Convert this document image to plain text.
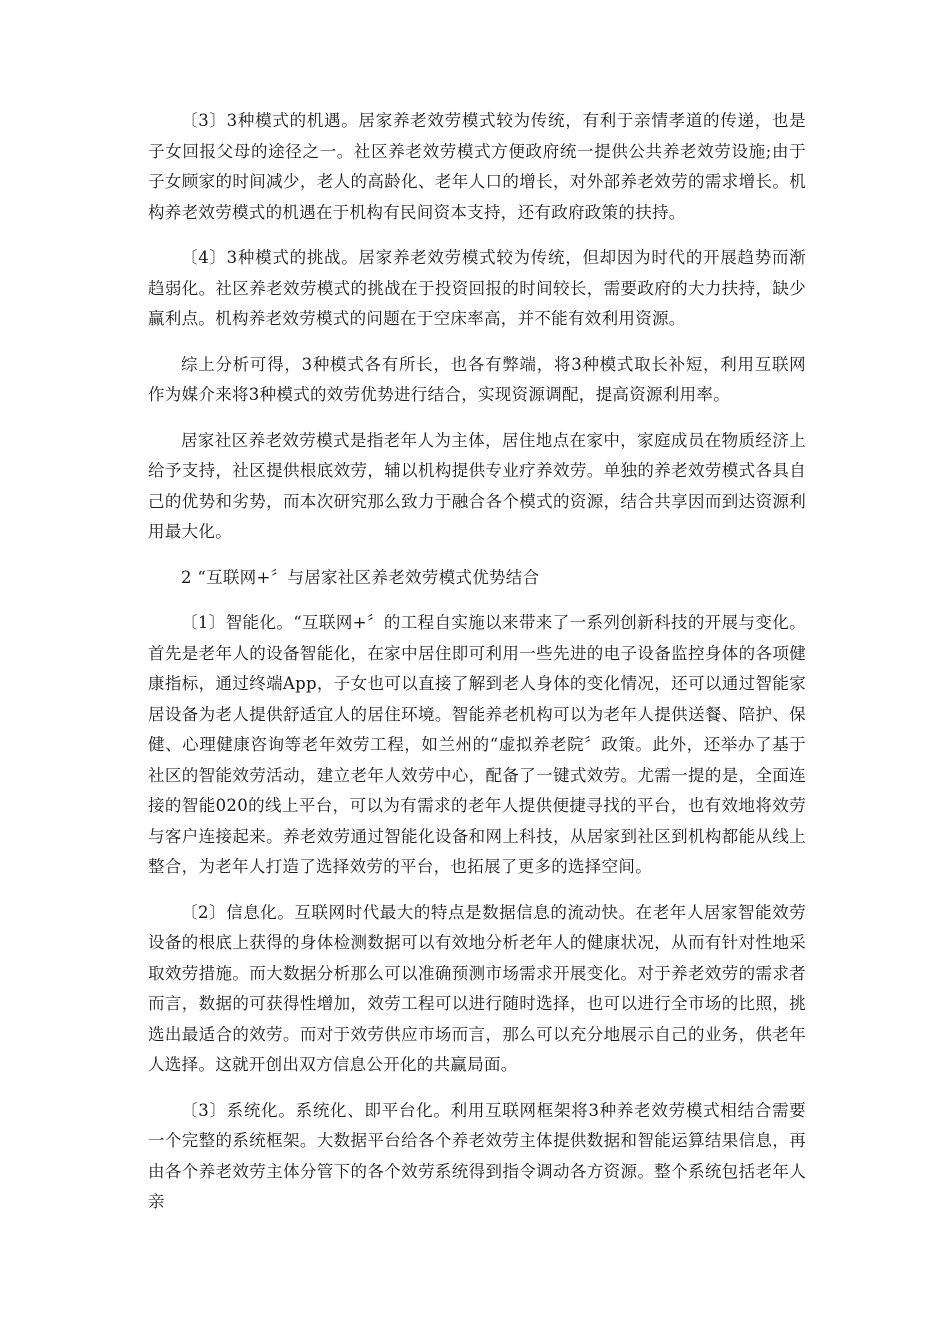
〔3〕3种模式的机遇。居家养老效劳模式较为传统，有利于亲情孝道的传递，也是子女回报父母的途径之一。社区养老效劳模式方便政府统一提供公共养老效劳设施;由于子女顾家的时间减少，老人的高龄化、老年人口的增长，对外部养老效劳的需求增长。机构养老效劳模式的机遇在于机构有民间资本支持，还有政府政策的扶持。

〔4〕3种模式的挑战。居家养老效劳模式较为传统，但却因为时代的开展趋势而渐趋弱化。社区养老效劳模式的挑战在于投资回报的时间较长，需要政府的大力扶持，缺少赢利点。机构养老效劳模式的问题在于空床率高，并不能有效利用资源。

综上分析可得，3种模式各有所长，也各有弊端，将3种模式取长补短，利用互联网作为媒介来将3种模式的效劳优势进行结合，实现资源调配，提高资源利用率。

居家社区养老效劳模式是指老年人为主体，居住地点在家中，家庭成员在物质经济上给予支持，社区提供根底效劳，辅以机构提供专业疗养效劳。单独的养老效劳模式各具自己的优势和劣势，而本次研究那么致力于融合各个模式的资源，结合共享因而到达资源利用最大化。

2 “互联网+〞与居家社区养老效劳模式优势结合

〔1〕智能化。“互联网+〞的工程自实施以来带来了一系列创新科技的开展与变化。首先是老年人的设备智能化，在家中居住即可利用一些先进的电子设备监控身体的各项健康指标，通过终端App，子女也可以直接了解到老人身体的变化情况，还可以通过智能家居设备为老人提供舒适宜人的居住环境。智能养老机构可以为老年人提供送餐、陪护、保健、心理健康咨询等老年效劳工程，如兰州的“虚拟养老院〞政策。此外，还举办了基于社区的智能效劳活动，建立老年人效劳中心，配备了一键式效劳。尤需一提的是，全面连接的智能020的线上平台，可以为有需求的老年人提供便捷寻找的平台，也有效地将效劳与客户连接起来。养老效劳通过智能化设备和网上科技，从居家到社区到机构都能从线上整合，为老年人打造了选择效劳的平台，也拓展了更多的选择空间。

〔2〕信息化。互联网时代最大的特点是数据信息的流动快。在老年人居家智能效劳设备的根底上获得的身体检测数据可以有效地分析老年人的健康状况，从而有针对性地采取效劳措施。而大数据分析那么可以准确预测市场需求开展变化。对于养老效劳的需求者而言，数据的可获得性增加，效劳工程可以进行随时选择，也可以进行全市场的比照，挑选出最适合的效劳。而对于效劳供应市场而言，那么可以充分地展示自己的业务，供老年人选择。这就开创出双方信息公开化的共赢局面。

〔3〕系统化。系统化、即平台化。利用互联网框架将3种养老效劳模式相结合需要一个完整的系统框架。大数据平台给各个养老效劳主体提供数据和智能运算结果信息，再由各个养老效劳主体分管下的各个效劳系统得到指令调动各方资源。整个系统包括老年人亲
